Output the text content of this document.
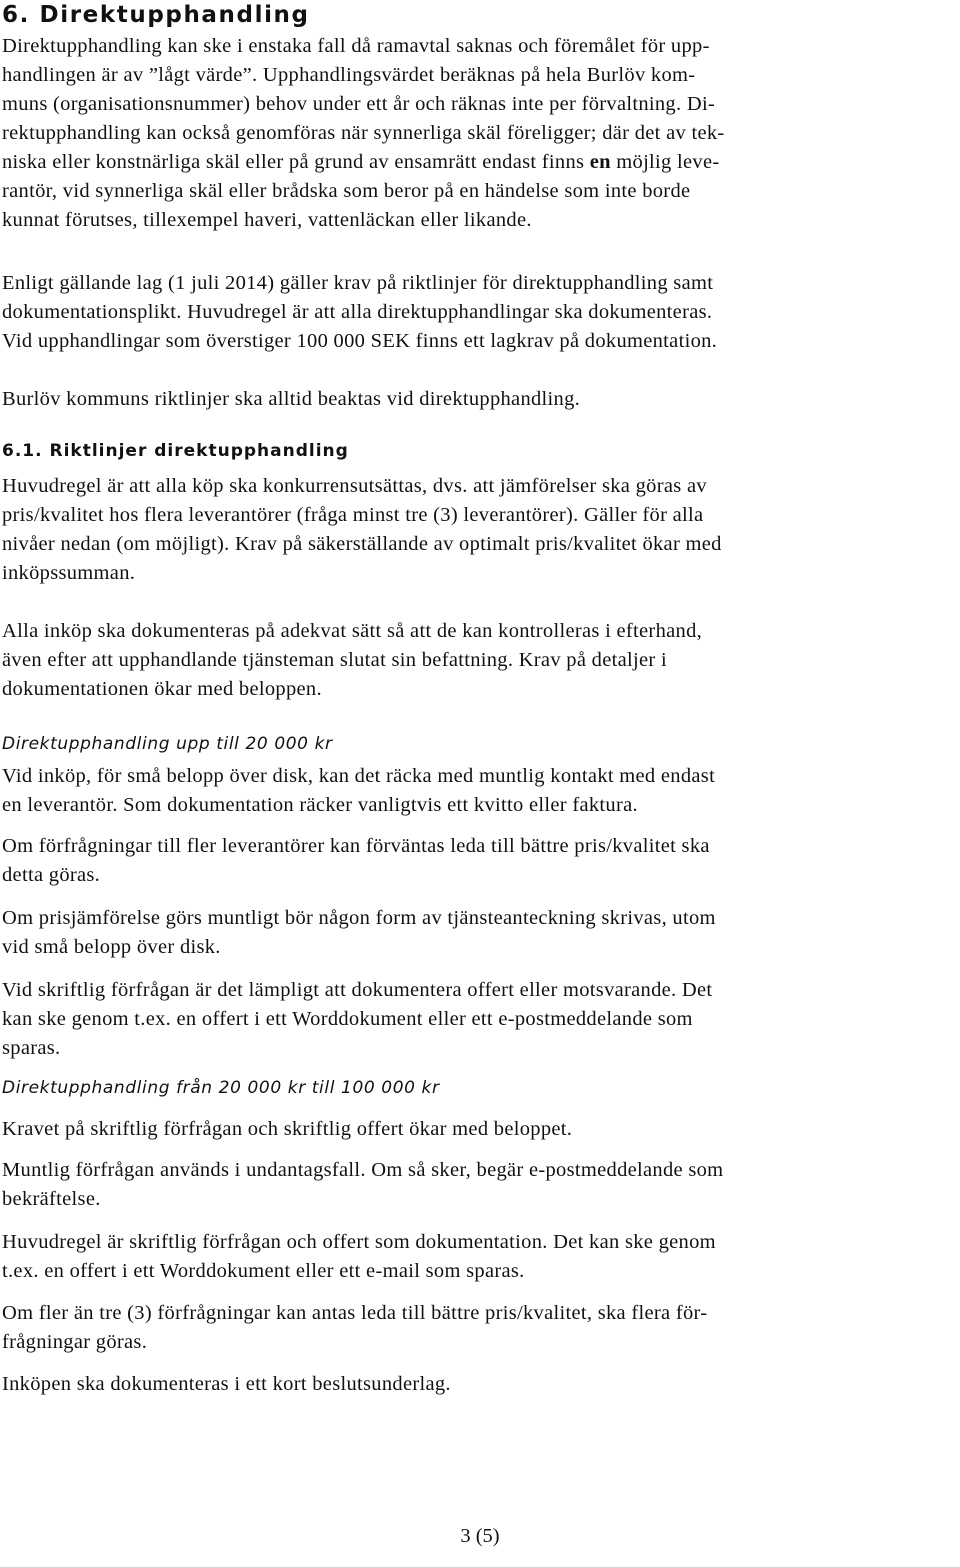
6. Direktupphandling
Direktupphandling kan ske i enstaka fall då ramavtal saknas och föremålet för upp-
handlingen är av ”lågt värde”. Upphandlingsvärdet beräknas på hela Burlöv kom-
muns (organisationsnummer) behov under ett år och räknas inte per förvaltning. Di-
rektupphandling kan också genomföras när synnerliga skäl föreligger; där det av tek-
niska eller konstnärliga skäl eller på grund av ensamrätt endast finns en möjlig leve-
rantör, vid synnerliga skäl eller brådska som beror på en händelse som inte borde
kunnat förutses, tillexempel haveri, vattenläckan eller likande.
Enligt gällande lag (1 juli 2014) gäller krav på riktlinjer för direktupphandling samt
dokumentationsplikt. Huvudregel är att alla direktupphandlingar ska dokumenteras.
Vid upphandlingar som överstiger 100 000 SEK finns ett lagkrav på dokumentation.
Burlöv kommuns riktlinjer ska alltid beaktas vid direktupphandling.
6.1. Riktlinjer direktupphandling
Huvudregel är att alla köp ska konkurrensutsättas, dvs. att jämförelser ska göras av
pris/kvalitet hos flera leverantörer (fråga minst tre (3) leverantörer). Gäller för alla
nivåer nedan (om möjligt). Krav på säkerställande av optimalt pris/kvalitet ökar med
inköpssumman.
Alla inköp ska dokumenteras på adekvat sätt så att de kan kontrolleras i efterhand,
även efter att upphandlande tjänsteman slutat sin befattning. Krav på detaljer i
dokumentationen ökar med beloppen.
Direktupphandling upp till 20 000 kr
Vid inköp, för små belopp över disk, kan det räcka med muntlig kontakt med endast
en leverantör. Som dokumentation räcker vanligtvis ett kvitto eller faktura.
Om förfrågningar till fler leverantörer kan förväntas leda till bättre pris/kvalitet ska
detta göras.
Om prisjämförelse görs muntligt bör någon form av tjänsteanteckning skrivas, utom
vid små belopp över disk.
Vid skriftlig förfrågan är det lämpligt att dokumentera offert eller motsvarande. Det
kan ske genom t.ex. en offert i ett Worddokument eller ett e-postmeddelande som
sparas.
Direktupphandling från 20 000 kr till 100 000 kr
Kravet på skriftlig förfrågan och skriftlig offert ökar med beloppet.
Muntlig förfrågan används i undantagsfall. Om så sker, begär e-postmeddelande som
bekräftelse.
Huvudregel är skriftlig förfrågan och offert som dokumentation. Det kan ske genom
t.ex. en offert i ett Worddokument eller ett e-mail som sparas.
Om fler än tre (3) förfrågningar kan antas leda till bättre pris/kvalitet, ska flera för-
frågningar göras.
Inköpen ska dokumenteras i ett kort beslutsunderlag.
3 (5)
